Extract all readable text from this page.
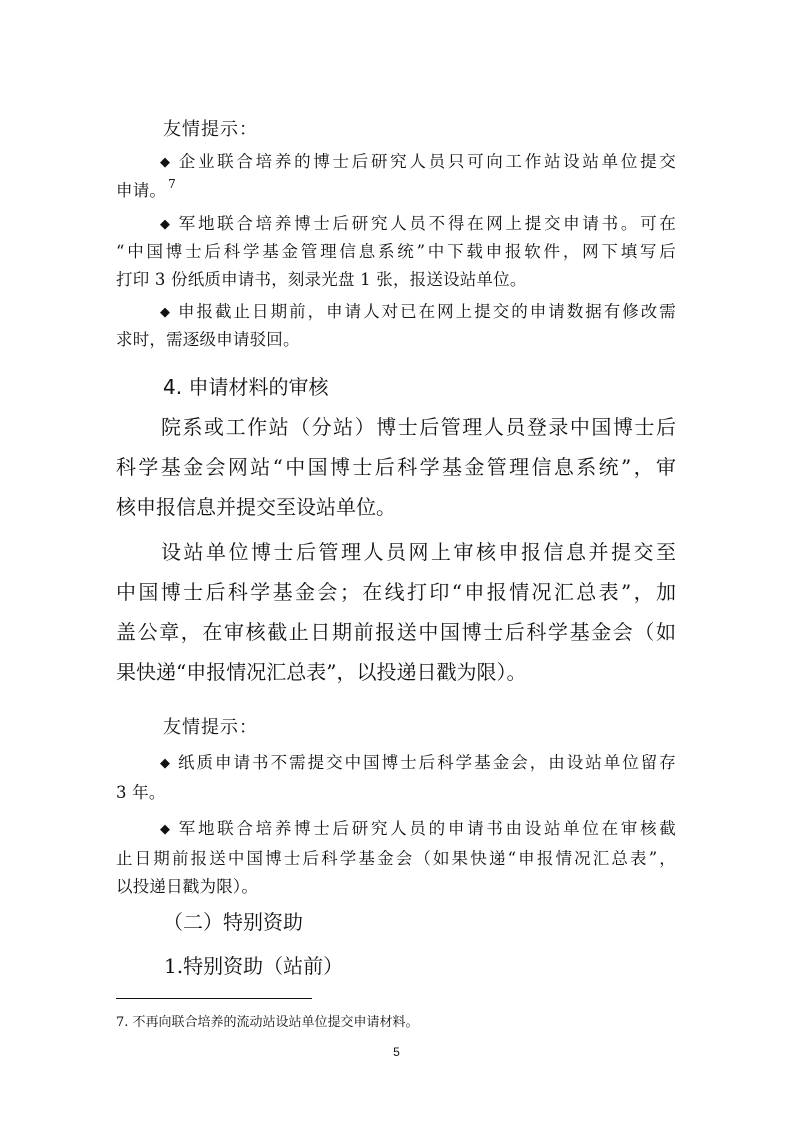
友情提示：
◆ 企业联合培养的博士后研究人员只可向工作站设站单位提交
申请。 $^7$
◆ 军地联合培养博士后研究人员不得在网上提交申请书。可在
“中国博士后科学基金管理信息系统”中下载申报软件，网下填写后
打印 3 份纸质申请书，刻录光盘 1 张，报送设站单位。
◆ 申报截止日期前，申请人对已在网上提交的申请数据有修改需
求时，需逐级申请驳回。
4. 申请材料的审核
院系或工作站（分站）博士后管理人员登录中国博士后
科学基金会网站“中国博士后科学基金管理信息系统”，审
核申报信息并提交至设站单位。
设站单位博士后管理人员网上审核申报信息并提交至
中国博士后科学基金会；在线打印“申报情况汇总表”，加
盖公章，在审核截止日期前报送中国博士后科学基金会（如
果快递“申报情况汇总表”，以投递日戳为限）。
友情提示：
◆ 纸质申请书不需提交中国博士后科学基金会，由设站单位留存
3 年。
◆ 军地联合培养博士后研究人员的申请书由设站单位在审核截
止日期前报送中国博士后科学基金会（如果快递“申报情况汇总表”，
以投递日戳为限）。
（二）特别资助
1.特别资助（站前）
7. 不再向联合培养的流动站设站单位提交申请材料。
5
